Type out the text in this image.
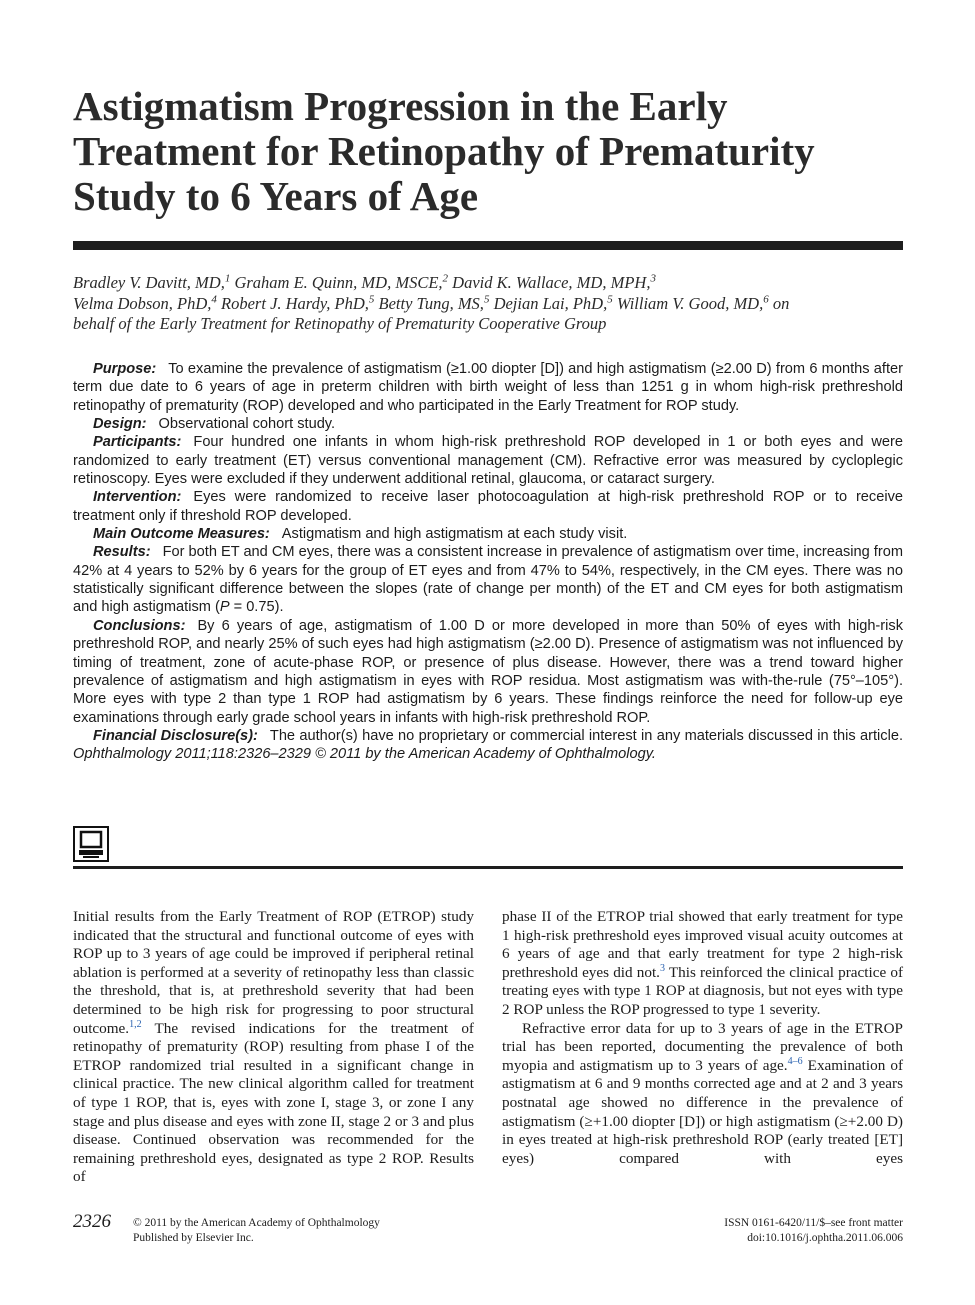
Astigmatism Progression in the Early
Treatment for Retinopathy of Prematurity
Study to 6 Years of Age
Bradley V. Davitt, MD,$^1$ Graham E. Quinn, MD, MSCE,$^2$ David K. Wallace, MD, MPH,$^3$
Velma Dobson, PhD,$^4$ Robert J. Hardy, PhD,$^5$ Betty Tung, MS,$^5$ Dejian Lai, PhD,$^5$ William V. Good, MD,$^6$ on
behalf of the Early Treatment for Retinopathy of Prematurity Cooperative Group

Purpose: To examine the prevalence of astigmatism (≥1.00 diopter [D]) and high astigmatism (≥2.00 D) from 6 months after term due date to 6 years of age in preterm children with birth weight of less than 1251 g in whom high-risk prethreshold retinopathy of prematurity (ROP) developed and who participated in the Early Treatment for ROP study.

Design: Observational cohort study.

Participants: Four hundred one infants in whom high-risk prethreshold ROP developed in 1 or both eyes and were randomized to early treatment (ET) versus conventional management (CM). Refractive error was measured by cycloplegic retinoscopy. Eyes were excluded if they underwent additional retinal, glaucoma, or cataract surgery.

Intervention: Eyes were randomized to receive laser photocoagulation at high-risk prethreshold ROP or to receive treatment only if threshold ROP developed.

Main Outcome Measures: Astigmatism and high astigmatism at each study visit.

Results: For both ET and CM eyes, there was a consistent increase in prevalence of astigmatism over time, increasing from 42% at 4 years to 52% by 6 years for the group of ET eyes and from 47% to 54%, respectively, in the CM eyes. There was no statistically significant difference between the slopes (rate of change per month) of the ET and CM eyes for both astigmatism and high astigmatism (P = 0.75).

Conclusions: By 6 years of age, astigmatism of 1.00 D or more developed in more than 50% of eyes with high-risk prethreshold ROP, and nearly 25% of such eyes had high astigmatism (≥2.00 D). Presence of astigmatism was not influenced by timing of treatment, zone of acute-phase ROP, or presence of plus disease. However, there was a trend toward higher prevalence of astigmatism and high astigmatism in eyes with ROP residua. Most astigmatism was with-the-rule (75°–105°). More eyes with type 2 than type 1 ROP had astigmatism by 6 years. These findings reinforce the need for follow-up eye examinations through early grade school years in infants with high-risk prethreshold ROP.

Financial Disclosure(s): The author(s) have no proprietary or commercial interest in any materials discussed in this article. Ophthalmology 2011;118:2326–2329 © 2011 by the American Academy of Ophthalmology.

Initial results from the Early Treatment of ROP (ETROP) study indicated that the structural and functional outcome of eyes with ROP up to 3 years of age could be improved if peripheral retinal ablation is performed at a severity of retinopathy less than classic the threshold, that is, at prethreshold severity that had been determined to be high risk for progressing to poor structural outcome.$^{1,2}$ The revised indications for the treatment of retinopathy of prematurity (ROP) resulting from phase I of the ETROP randomized trial resulted in a significant change in clinical practice. The new clinical algorithm called for treatment of type 1 ROP, that is, eyes with zone I, stage 3, or zone I any stage and plus disease and eyes with zone II, stage 2 or 3 and plus disease. Continued observation was recommended for the remaining prethreshold eyes, designated as type 2 ROP. Results of

phase II of the ETROP trial showed that early treatment for type 1 high-risk prethreshold eyes improved visual acuity outcomes at 6 years of age and that early treatment for type 2 high-risk prethreshold eyes did not.$^3$ This reinforced the clinical practice of treating eyes with type 1 ROP at diagnosis, but not eyes with type 2 ROP unless the ROP progressed to type 1 severity.

Refractive error data for up to 3 years of age in the ETROP trial has been reported, documenting the prevalence of both myopia and astigmatism up to 3 years of age.$^{4-6}$ Examination of astigmatism at 6 and 9 months corrected age and at 2 and 3 years postnatal age showed no difference in the prevalence of astigmatism (≥+1.00 diopter [D]) or high astigmatism (≥+2.00 D) in eyes treated at high-risk prethreshold ROP (early treated [ET] eyes) compared with eyes

2326 © 2011 by the American Academy of Ophthalmology
Published by Elsevier Inc.
ISSN 0161-6420/11/$–see front matter
doi:10.1016/j.ophtha.2011.06.006
